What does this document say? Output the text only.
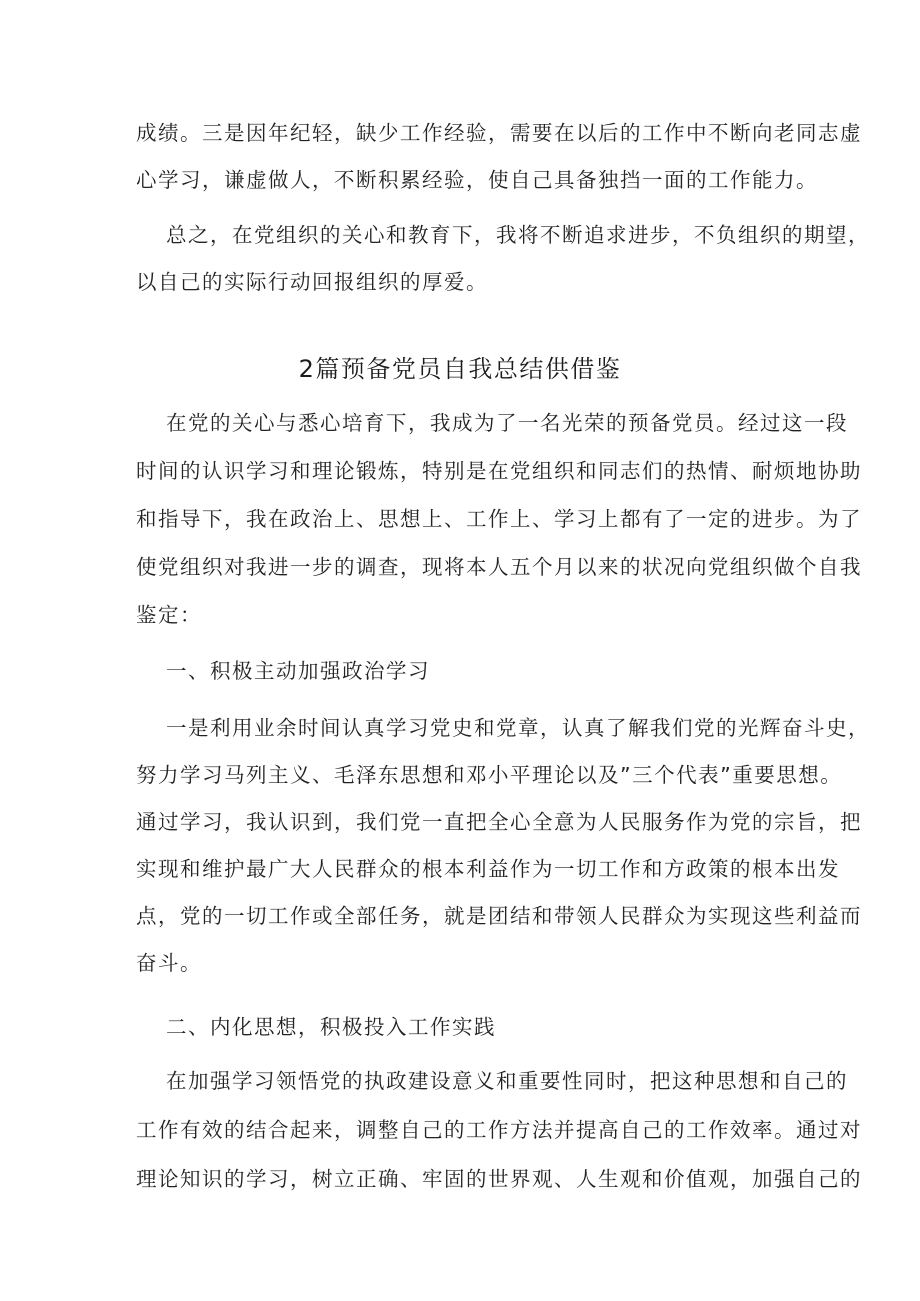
成绩。三是因年纪轻，缺少工作经验，需要在以后的工作中不断向老同志虚
心学习，谦虚做人，不断积累经验，使自己具备独挡一面的工作能力。
总之，在党组织的关心和教育下，我将不断追求进步，不负组织的期望，
以自己的实际行动回报组织的厚爱。
2篇预备党员自我总结供借鉴
在党的关心与悉心培育下，我成为了一名光荣的预备党员。经过这一段
时间的认识学习和理论锻炼，特别是在党组织和同志们的热情、耐烦地协助
和指导下，我在政治上、思想上、工作上、学习上都有了一定的进步。为了
使党组织对我进一步的调查，现将本人五个月以来的状况向党组织做个自我
鉴定：
一、积极主动加强政治学习
一是利用业余时间认真学习党史和党章，认真了解我们党的光辉奋斗史，
努力学习马列主义、毛泽东思想和邓小平理论以及”三个代表”重要思想。
通过学习，我认识到，我们党一直把全心全意为人民服务作为党的宗旨，把
实现和维护最广大人民群众的根本利益作为一切工作和方政策的根本出发
点，党的一切工作或全部任务，就是团结和带领人民群众为实现这些利益而
奋斗。
二、内化思想，积极投入工作实践
在加强学习领悟党的执政建设意义和重要性同时，把这种思想和自己的
工作有效的结合起来，调整自己的工作方法并提高自己的工作效率。通过对
理论知识的学习，树立正确、牢固的世界观、人生观和价值观，加强自己的
